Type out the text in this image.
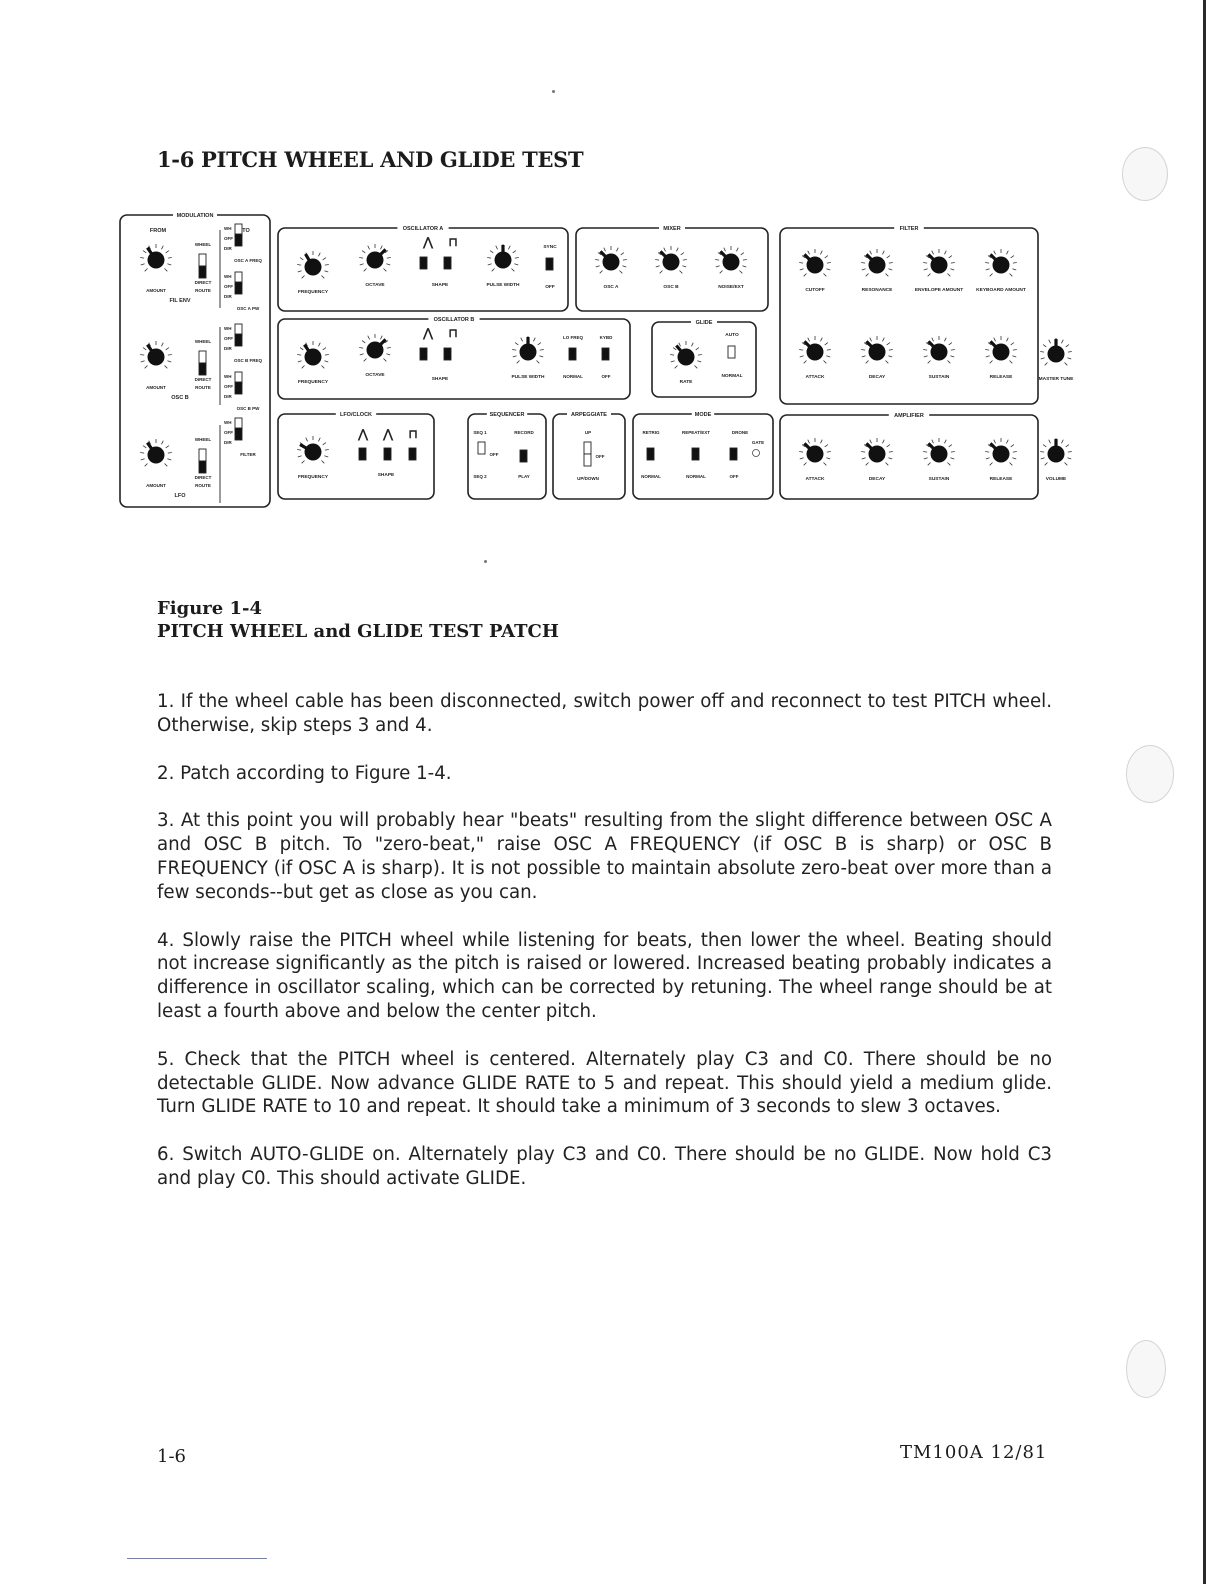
1-6 PITCH WHEEL AND GLIDE TEST
MODULATION
FROM	TO
AMOUNT	ROUTE
FIL ENV
WHEEL
DIRECT
AMOUNT	ROUTE
OSC B
WHEEL
DIRECT
AMOUNT	ROUTE
LFO
WHEEL
DIRECT
WH
OFF
DIR
OSC A FREQ
WH
OFF
DIR
OSC A PW
WH
OFF
DIR
OSC B FREQ
WH
OFF
DIR
OSC B PW
WH
OFF
DIR
FILTER
OSCILLATOR A
FREQUENCY
OCTAVE
⋀ ⊓
SHAPE	PULSE WIDTH
SYNC
OFF
MIXER
OSC A	OSC B	NOISE/EXT
OSCILLATOR B
FREQUENCY
OCTAVE
⋀ ⊓
SHAPE	PULSE WIDTH
LO FREQ	KYBD
NORMAL	OFF
GLIDE
RATE
AUTO
NORMAL
LFO/CLOCK
FREQUENCY
⋀ ⋀ ⊓
SHAPE
SEQUENCER
SEQ 1	RECORD
OFF
SEQ 2	PLAY
ARPEGGIATE
UP
OFF
UP/DOWN
MODE
RETRIG	REPEAT/EXT	DRONE
GATE
NORMAL	NORMAL	OFF
FILTER
CUTOFF	RESONANCE	ENVELOPE AMOUNT	KEYBOARD AMOUNT
ATTACK	DECAY	SUSTAIN	RELEASE
AMPLIFIER
ATTACK	DECAY	SUSTAIN	RELEASE
MASTER TUNE
VOLUME
Figure 1-4
PITCH WHEEL and GLIDE TEST PATCH

1. If the wheel cable has been disconnected, switch power off and reconnect to test PITCH wheel. Otherwise, skip steps 3 and 4.

2. Patch according to Figure 1-4.

3. At this point you will probably hear "beats" resulting from the slight difference between OSC A and OSC B pitch. To "zero-beat," raise OSC A FREQUENCY (if OSC B is sharp) or OSC B FREQUENCY (if OSC A is sharp). It is not possible to maintain absolute zero-beat over more than a few seconds--but get as close as you can.

4. Slowly raise the PITCH wheel while listening for beats, then lower the wheel. Beating should not increase significantly as the pitch is raised or lowered. Increased beating probably indicates a difference in oscillator scaling, which can be corrected by retuning. The wheel range should be at least a fourth above and below the center pitch.

5. Check that the PITCH wheel is centered. Alternately play C3 and C0. There should be no detectable GLIDE. Now advance GLIDE RATE to 5 and repeat. This should yield a medium glide. Turn GLIDE RATE to 10 and repeat. It should take a minimum of 3 seconds to slew 3 octaves.

6. Switch AUTO-GLIDE on. Alternately play C3 and C0. There should be no GLIDE. Now hold C3 and play C0. This should activate GLIDE.

1-6	TM100A 12/81
